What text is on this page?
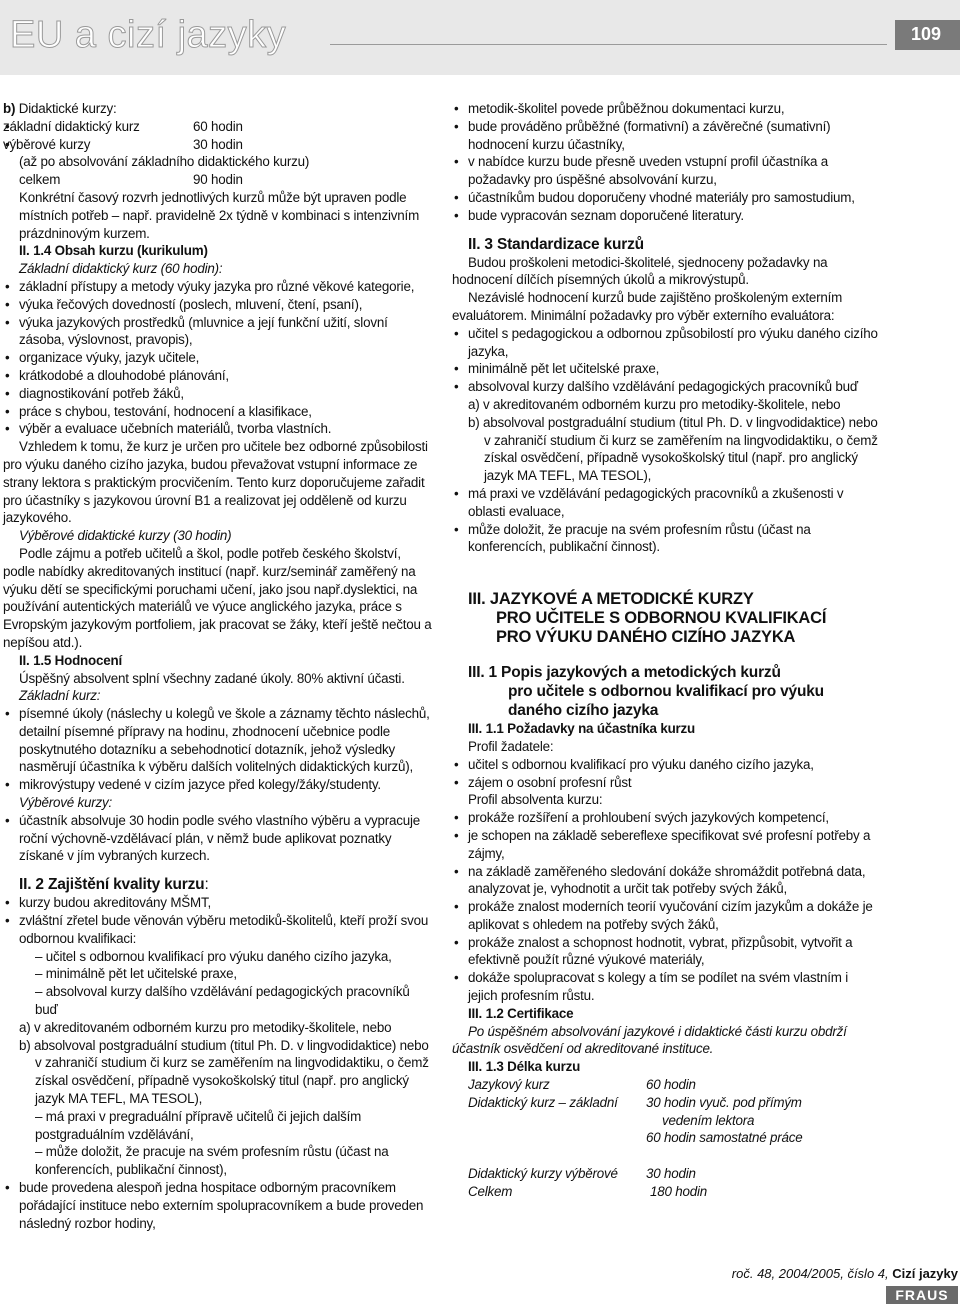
EU a cizí jazyky	109

b) Didaktické kurzy:

• základní didaktický kurz	60 hodin
• výběrové kurzy	30 hodin
(až po absolvování základního didaktického kurzu)	
celkem	90 hodin

Konkrétní časový rozvrh jednotlivých kurzů může být upraven podle místních potřeb – např. pravidelně 2x týdně v kombinaci s intenzivním prázdninovým kurzem.

II. 1.4 Obsah kurzu (kurikulum)

Základní didaktický kurz (60 hodin):

• základní přístupy a metody výuky jazyka pro různé věkové kategorie,

• výuka řečových dovedností (poslech, mluvení, čtení, psaní),

• výuka jazykových prostředků (mluvnice a její funkční užití, slovní zásoba, výslovnost, pravopis),

• organizace výuky, jazyk učitele,

• krátkodobé a dlouhodobé plánování,

• diagnostikování potřeb žáků,

• práce s chybou, testování, hodnocení a klasifikace,

• výběr a evaluace učebních materiálů, tvorba vlastních.

Vzhledem k tomu, že kurz je určen pro učitele bez odborné způsobilosti pro výuku daného cizího jazyka, budou převažovat vstupní informace ze strany lektora s praktickým procvičením. Tento kurz doporučujeme zařadit pro účastníky s jazykovou úrovní B1 a realizovat jej odděleně od kurzu jazykového.

Výběrové didaktické kurzy (30 hodin)

Podle zájmu a potřeb učitelů a škol, podle potřeb českého školství, podle nabídky akreditovaných institucí (např. kurz/seminář zaměřený na výuku dětí se specifickými poruchami učení, jako jsou např.dyslektici, na používání autentických materiálů ve výuce anglického jazyka, práce s Evropským jazykovým portfoliem, jak pracovat se žáky, kteří ještě nečtou a nepíšou atd.).

II. 1.5 Hodnocení

Úspěšný absolvent splní všechny zadané úkoly. 80% aktivní účasti.

Základní kurz:

• písemné úkoly (náslechy u kolegů ve škole a záznamy těchto náslechů, detailní písemné přípravy na hodinu, zhodnocení učebnice podle poskytnutého dotazníku a sebehodnoticí dotazník, jehož výsledky nasměrují účastníka k výběru dalších volitelných didaktických kurzů),

• mikrovýstupy vedené v cizím jazyce před kolegy/žáky/studenty.

Výběrové kurzy:

• účastník absolvuje 30 hodin podle svého vlastního výběru a vypracuje roční výchovně-vzdělávací plán, v němž bude aplikovat poznatky získané v jím vybraných kurzech.

II. 2 Zajištění kvality kurzu:

• kurzy budou akreditovány MŠMT,

• zvláštní zřetel bude věnován výběru metodiků-školitelů, kteří proží svou odbornou kvalifikaci:

– učitel s odbornou kvalifikací pro výuku daného cizího jazyka,

– minimálně pět let učitelské praxe,

– absolvoval kurzy dalšího vzdělávání pedagogických pracovníků buď

a) v akreditovaném odborném kurzu pro metodiky-školitele, nebo

b) absolvoval postgraduální studium (titul Ph. D. v lingvodidaktice) nebo v zahraničí studium či kurz se zaměřením na lingvodidaktiku, o čemž získal osvědčení, případně vysokoškolský titul (např. pro anglický jazyk MA TEFL, MA TESOL),

– má praxi v pregraduální přípravě učitelů či jejich dalším postgraduálním vzdělávání,

– může doložit, že pracuje na svém profesním růstu (účast na konferencích, publikační činnost),

• bude provedena alespoň jedna hospitace odborným pracovníkem pořádající instituce nebo externím spolupracovníkem a bude proveden následný rozbor hodiny,

• metodik-školitel povede průběžnou dokumentaci kurzu,

• bude prováděno průběžné (formativní) a závěrečné (sumativní) hodnocení kurzu účastníky,

• v nabídce kurzu bude přesně uveden vstupní profil účastníka a požadavky pro úspěšné absolvování kurzu,

• účastníkům budou doporučeny vhodné materiály pro samostudium,

• bude vypracován seznam doporučené literatury.

II. 3 Standardizace kurzů

Budou proškoleni metodici-školitelé, sjednoceny požadavky na hodnocení dílčích písemných úkolů a mikrovýstupů.

Nezávislé hodnocení kurzů bude zajištěno proškoleným externím evaluátorem. Minimální požadavky pro výběr externího evaluátora:

• učitel s pedagogickou a odbornou způsobilostí pro výuku daného cizího jazyka,

• minimálně pět let učitelské praxe,

• absolvoval kurzy dalšího vzdělávání pedagogických pracovníků buď

a) v akreditovaném odborném kurzu pro metodiky-školitele, nebo

b) absolvoval postgraduální studium (titul Ph. D. v lingvodidaktice) nebo v zahraničí studium či kurz se zaměřením na lingvodidaktiku, o čemž získal osvědčení, případně vysokoškolský titul (např. pro anglický jazyk MA TEFL, MA TESOL),

• má praxi ve vzdělávání pedagogických pracovníků a zkušenosti v oblasti evaluace,

• může doložit, že pracuje na svém profesním růstu (účast na konferencích, publikační činnost).

III. JAZYKOVÉ A METODICKÉ KURZY

PRO UČITELE S ODBORNOU KVALIFIKACÍ

PRO VÝUKU DANÉHO CIZÍHO JAZYKA

III. 1 Popis jazykových a metodických kurzů

pro učitele s odbornou kvalifikací pro výuku

daného cizího jazyka

III. 1.1 Požadavky na účastníka kurzu

Profil žadatele:

• učitel s odbornou kvalifikací pro výuku daného cizího jazyka,

• zájem o osobní profesní růst

Profil absolventa kurzu:

• prokáže rozšíření a prohloubení svých jazykových kompetencí,

• je schopen na základě sebereflexe specifikovat své profesní potřeby a zájmy,

• na základě zaměřeného sledování dokáže shromáždit potřebná data, analyzovat je, vyhodnotit a určit tak potřeby svých žáků,

• prokáže znalost moderních teorií vyučování cizím jazykům a dokáže je aplikovat s ohledem na potřeby svých žáků,

• prokáže znalost a schopnost hodnotit, vybrat, přizpůsobit, vytvořit a efektivně použít různé výukové materiály,

• dokáže spolupracovat s kolegy a tím se podílet na svém vlastním i jejich profesním růstu.

III. 1.2 Certifikace

Po úspěšném absolvování jazykové i didaktické části kurzu obdrží účastník osvědčení od akreditované instituce.

III. 1.3 Délka kurzu

Jazykový kurz	60 hodin
Didaktický kurz – základní	30 hodin vyuč. pod přímým
	vedením lektora
	60 hodin samostatné práce
Didaktický kurzy výběrové	30 hodin
Celkem	180 hodin
roč. 48, 2004/2005, číslo 4, Cizí jazyky
FRAUS
